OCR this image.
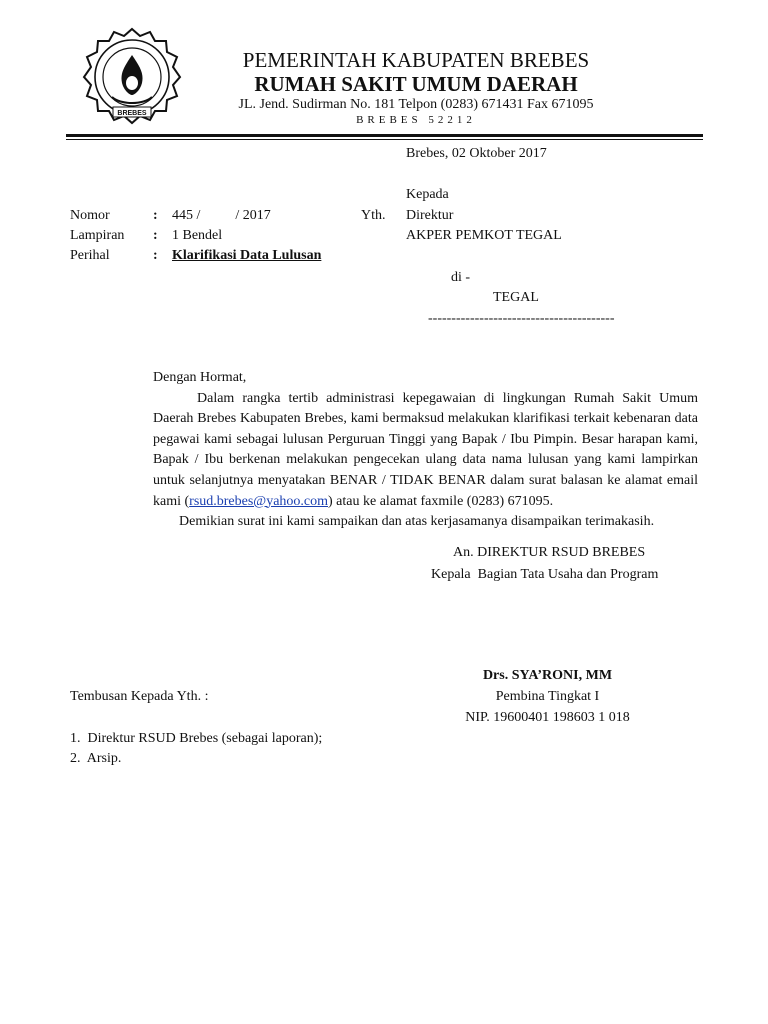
BREBES
PEMERINTAH KABUPATEN BREBES
RUMAH SAKIT UMUM DAERAH
JL. Jend. Sudirman No. 181 Telpon (0283) 671431 Fax 671095
BREBES 52212
Brebes, 02 Oktober 2017
Kepada
Yth. Direktur
AKPER PEMKOT TEGAL
di -
TEGAL
----------------------------------------
Nomor	: 445 /          / 2017
Lampiran : 1 Bendel
Perihal	: Klarifikasi Data Lulusan

Dengan Hormat,

Dalam rangka tertib administrasi kepegawaian di lingkungan Rumah Sakit Umum Daerah Brebes Kabupaten Brebes, kami bermaksud melakukan klarifikasi terkait kebenaran data pegawai kami sebagai lulusan Perguruan Tinggi yang Bapak / Ibu Pimpin. Besar harapan kami, Bapak / Ibu berkenan melakukan pengecekan ulang data nama lulusan yang kami lampirkan untuk selanjutnya menyatakan BENAR / TIDAK BENAR dalam surat balasan ke alamat email kami (rsud.brebes@yahoo.com) atau ke alamat faxmile (0283) 671095.

Demikian surat ini kami sampaikan dan atas kerjasamanya disampaikan terimakasih.

An. DIREKTUR RSUD BREBES
Kepala  Bagian Tata Usaha dan Program
Drs. SYA’RONI, MM
Pembina Tingkat I
NIP. 19600401 198603 1 018
Tembusan Kepada Yth. :
1.  Direktur RSUD Brebes (sebagai laporan);
2.  Arsip.
